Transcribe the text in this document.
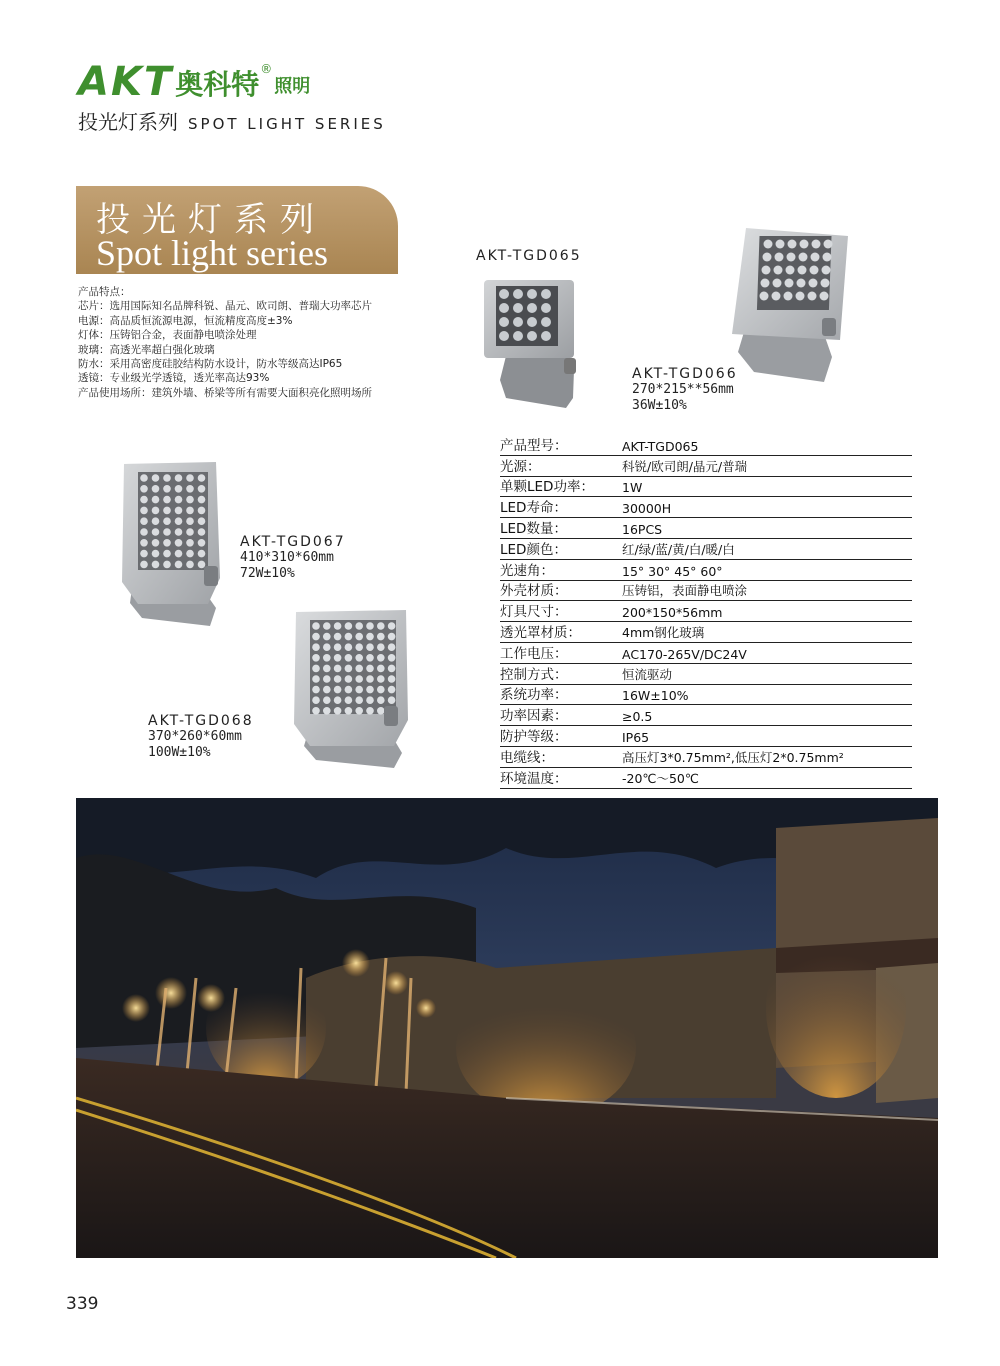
AKT 奥科特 ®
照明
投光灯系列 SPOT LIGHT SERIES
投光灯系列
Spot light series
产品特点：
芯片：选用国际知名品牌科锐、晶元、欧司朗、普瑞大功率芯片
电源：高品质恒流源电源，恒流精度高度±3%
灯体：压铸铝合金，表面静电喷涂处理
玻璃：高透光率超白强化玻璃
防水：采用高密度硅胶结构防水设计，防水等级高达IP65
透镜：专业级光学透镜，透光率高达93%
产品使用场所：建筑外墙、桥梁等所有需要大面积亮化照明场所
AKT-TGD065
AKT-TGD066
270*215**56mm
36W±10%
AKT-TGD067
410*310*60mm
72W±10%
AKT-TGD068
370*260*60mm
100W±10%
产品型号：	AKT-TGD065
光源：	科锐/欧司朗/晶元/普瑞
单颗LED功率：	1W
LED寿命：	30000H
LED数量：	16PCS
LED颜色：	红/绿/蓝/黄/白/暖/白
光速角：	15° 30° 45° 60°
外壳材质：	压铸铝，表面静电喷涂
灯具尺寸：	200*150*56mm
透光罩材质：	4mm钢化玻璃
工作电压：	AC170-265V/DC24V
控制方式：	恒流驱动
系统功率：	16W±10%
功率因素：	≥0.5
防护等级：	IP65
电缆线：	高压灯3*0.75mm²,低压灯2*0.75mm²
环境温度：	-20℃～50℃
339
